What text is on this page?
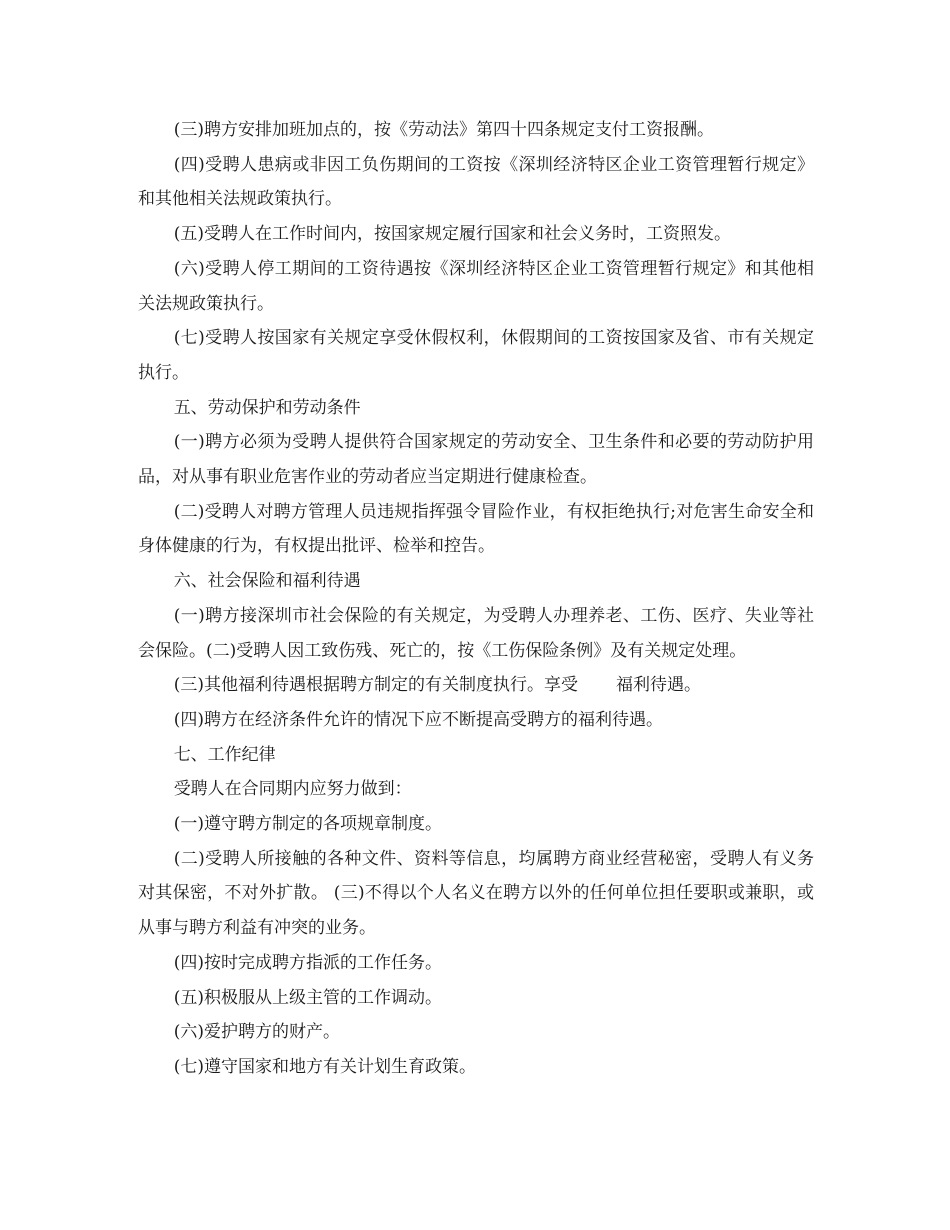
(三)聘方安排加班加点的，按《劳动法》第四十四条规定支付工资报酬。

(四)受聘人患病或非因工负伤期间的工资按《深圳经济特区企业工资管理暂行规定》和其他相关法规政策执行。

(五)受聘人在工作时间内，按国家规定履行国家和社会义务时，工资照发。

(六)受聘人停工期间的工资待遇按《深圳经济特区企业工资管理暂行规定》和其他相关法规政策执行。

(七)受聘人按国家有关规定享受休假权利，休假期间的工资按国家及省、市有关规定执行。

五、劳动保护和劳动条件

(一)聘方必须为受聘人提供符合国家规定的劳动安全、卫生条件和必要的劳动防护用品，对从事有职业危害作业的劳动者应当定期进行健康检查。

(二)受聘人对聘方管理人员违规指挥强令冒险作业，有权拒绝执行;对危害生命安全和身体健康的行为，有权提出批评、检举和控告。

六、社会保险和福利待遇

(一)聘方接深圳市社会保险的有关规定，为受聘人办理养老、工伤、医疗、失业等社会保险。(二)受聘人因工致伤残、死亡的，按《工伤保险条例》及有关规定处理。

(三)其他福利待遇根据聘方制定的有关制度执行。享受 福利待遇。

(四)聘方在经济条件允许的情况下应不断提高受聘方的福利待遇。

七、工作纪律

受聘人在合同期内应努力做到：

(一)遵守聘方制定的各项规章制度。

(二)受聘人所接触的各种文件、资料等信息，均属聘方商业经营秘密，受聘人有义务对其保密，不对外扩散。 (三)不得以个人名义在聘方以外的任何单位担任要职或兼职，或从事与聘方利益有冲突的业务。

(四)按时完成聘方指派的工作任务。

(五)积极服从上级主管的工作调动。

(六)爱护聘方的财产。

(七)遵守国家和地方有关计划生育政策。
